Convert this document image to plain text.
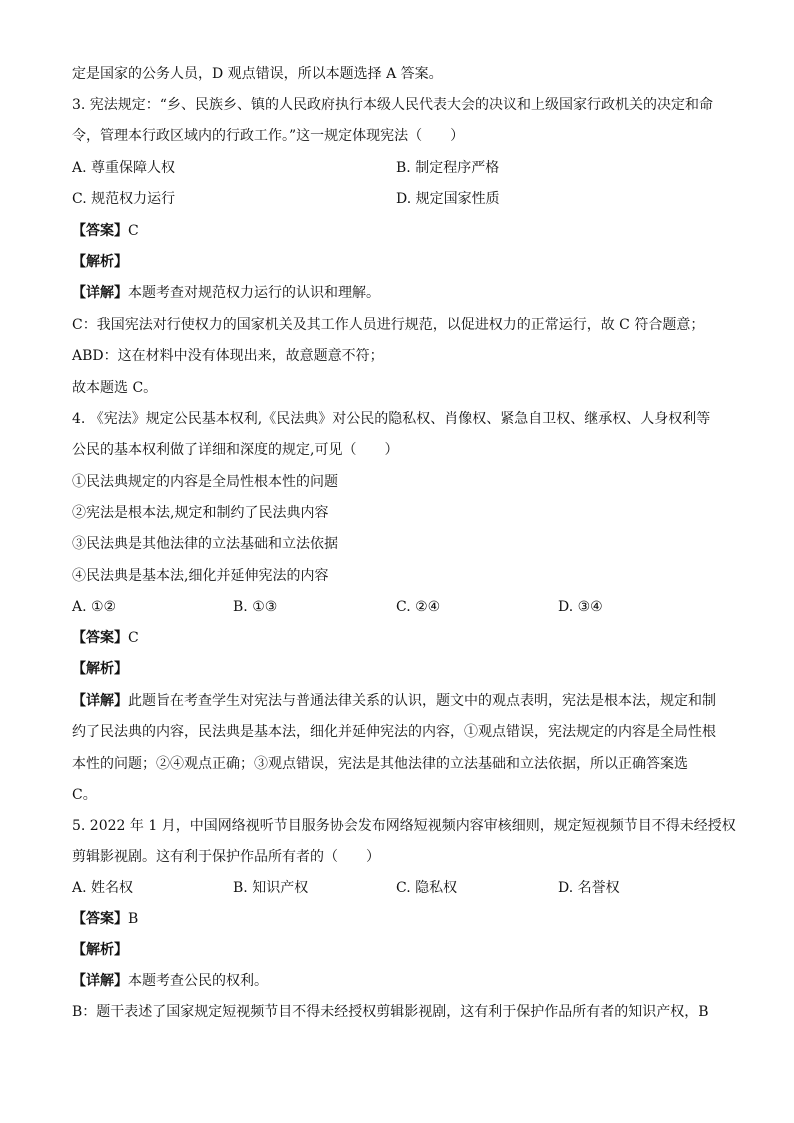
定是国家的公务人员，D 观点错误，所以本题选择 A 答案。
3. 宪法规定：“乡、民族乡、镇的人民政府执行本级人民代表大会的决议和上级国家行政机关的决定和命
令，管理本行政区域内的行政工作。”这一规定体现宪法（　　）
A. 尊重保障人权	B. 制定程序严格
C. 规范权力运行	D. 规定国家性质
【答案】C
【解析】
【详解】本题考查对规范权力运行的认识和理解。
C：我国宪法对行使权力的国家机关及其工作人员进行规范，以促进权力的正常运行，故 C 符合题意；
ABD：这在材料中没有体现出来，故意题意不符；
故本题选 C。
4. 《宪法》规定公民基本权利,《民法典》对公民的隐私权、肖像权、紧急自卫权、继承权、人身权利等
公民的基本权利做了详细和深度的规定,可见（　　）
①民法典规定的内容是全局性根本性的问题
②宪法是根本法,规定和制约了民法典内容
③民法典是其他法律的立法基础和立法依据
④民法典是基本法,细化并延伸宪法的内容
A. ①②	B. ①③	C. ②④	D. ③④
【答案】C
【解析】
【详解】此题旨在考查学生对宪法与普通法律关系的认识，题文中的观点表明，宪法是根本法，规定和制
约了民法典的内容，民法典是基本法，细化并延伸宪法的内容，①观点错误，宪法规定的内容是全局性根
本性的问题；②④观点正确；③观点错误，宪法是其他法律的立法基础和立法依据，所以正确答案选
C。
5. 2022 年 1 月，中国网络视听节目服务协会发布网络短视频内容审核细则，规定短视频节目不得未经授权
剪辑影视剧。这有利于保护作品所有者的（　　）
A. 姓名权	B. 知识产权	C. 隐私权	D. 名誉权
【答案】B
【解析】
【详解】本题考查公民的权利。
B：题干表述了国家规定短视频节目不得未经授权剪辑影视剧，这有利于保护作品所有者的知识产权，B
